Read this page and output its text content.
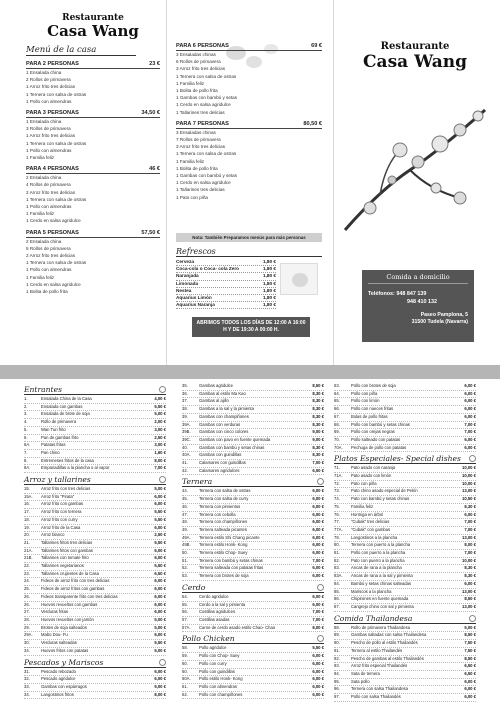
Restaurante
Casa Wang
Menú de la casa
PARA 2 PERSONAS	23 €
1 Ensalada china
2 Rollos de primavera
1 Arroz frito tres delicias
1 Ternera con salsa de ostras
1 Pollo con almendras
PARA 3 PERSONAS	34,50 €
1 Ensalada china
3 Rollos de primavera
1 Arroz frito tres delicias
1 Ternera con salsa de ostras
1 Pollo con almendras
1 Familia feliz
PARA 4 PERSONAS	46 €
2 Ensalada china
4 Rollos de primavera
2 Arroz frito tres delicias
1 Ternera con salsa de ostras
1 Pollo con almendras
1 Familia feliz
1 Cerdo en salsa agridulce
PARA 5 PERSONAS	57,50 €
2 Ensalada china
5 Rollos de primavera
2 Arroz frito tres delicias
1 Ternera con salsa de ostras
1 Pollo con almendras
1 Familia feliz
1 Cerdo en salsa agridulce
1 Bolita de pollo frita
PARA 6 PERSONAS	69 €
3 Ensaladas chinas
6 Rollos de primavera
3 Arroz frito tres delicias
1 Ternera con salsa de ostras
1 Familia feliz
1 Bolita de pollo frita
1 Gambas con bambú y setas
1 Cerdo en salsa agridulce
1 Tallarines tres delicias
PARA 7 PERSONAS	80,50 €
3 Ensaladas chinas
7 Rollos de primavera
3 Arroz frito tres delicias
1 Ternera con salsa de ostras
1 Familia feliz
1 Bolita de pollo frita
1 Gambas con bambú y setas
1 Cerdo en salsa agridulce
1 Tallarines tres delicias
1 Pato con piña
Nota: También Preparamos menús para más personas
Refrescos
Cerveza	1,80 €
Coca-cola o Coca- cola Zero	1,80 €
Naranjada	1,80 €
Limonada	1,80 €
Nestea	1,80 €
Aquarius Limón	1,80 €
Aquarius Naranja	1,80 €
ABRIMOS TODOS LOS DÍAS DE 12:00 A 16:00 H Y DE 19:30 A 00:00 H.
Restaurante
Casa Wang
Comida a domicilio
Teléfonos: 948 847 139
948 410 132
Paseo Pamplona, 5
31500 Tudela (Navarra)
Entrantes
1.	Ensalada China de la Casa	4,00 €
2.	Ensalada con gambas	5,50 €
3.	Ensalada de brote de soja	5,00 €
4.	Rollo de primavera	2,00 €
5.	Wan Tun frito	3,00 €
6.	Pan de gambas frito	2,50 €
6A.	Patatas fritas	3,00 €
7.	Pan chino	1,60 €
8.	Entremeses fritos de la casa	8,00 €
8A.	Empanadillas a la plancha o al vapor	7,00 €
Arroz y tallarines
15.	Arroz frito con tres delicias	5,00 €
15A.	Arroz frito "Pirata"	6,00 €
16.	Arroz frito con gambas	6,00 €
17.	Arroz frito con ternera	5,50 €
18.	Arroz frito con curry	5,50 €
19.	Arroz frito de la Casa	6,00 €
20.	Arroz blanco	2,50 €
21.	Tallarines fritos tres delicias	5,50 €
21A.	Tallarines fritos con gambas	6,00 €
21B.	Tallarines con tomate frito	6,00 €
22.	Tallarines vegetarianos	5,50 €
23.	Tallarines crujientes de la Casa	6,50 €
24.	Fideos de arroz frito con tres delicias	6,00 €
25.	Fideos de arroz fritos con gambas	6,00 €
26.	Fideos transparente frito con tres delicias	6,00 €
26.	Huevos revueltos con gambas	6,00 €
27.	Verduras fritas	6,00 €
28.	Huevos revueltos con jamón	5,00 €
29.	Brotes de soja salteados	5,00 €
29A.	Mabo Dou- Fu	6,00 €
30.	Verduras salteadas	5,50 €
34.	Huevos fritos con patatas	5,00 €
Pescados y Mariscos
31.	Pescado rebozado	6,00 €
32.	Pescado agridulce	6,00 €
33.	Gambas con espárragos	9,00 €
34.	Langostinos fritos	8,00 €
35.	Gambas agridulce	8,50 €
36.	Gambas al estilo Ma Kao	8,30 €
37.	Gambas al ajillo	8,30 €
38.	Gambas a la sal y la pimienta	8,30 €
39.	Gambas con champiñones	8,30 €
39A.	Gambas con verduras	8,30 €
39B.	Gambas con cinco colores	9,00 €
39C.	Gambas con pavo en fuente quemada	9,00 €
40.	Gambas con bambú y setas chinas	8,30 €
40A.	Gambas con guindillas	8,30 €
41.	Calamares con guindillas	7,00 €
42.	Calamares agridulces	6,50 €
Ternera
44.	Ternera con salsa de ostras	6,00 €
45.	Ternera con salsa de curry	6,00 €
46.	Ternera con pimientos	6,00 €
47.	Ternera con cebolla	6,00 €
48.	Ternera con champiñones	6,00 €
49.	Ternera salteada picantes	6,00 €
49A.	Ternera estilo Shi Chang picante	6,00 €
49B.	Ternera estilo Honk- Kong	6,00 €
50.	Ternera estilo Chop- Suey	6,00 €
51.	Ternera con bambú y setas chinas	7,00 €
52.	Ternera salteada con patatas fritas	6,00 €
53.	Ternera con brotes de soja	6,00 €
Cerdo
54.	Cerdo agridulce	6,00 €
55.	Cerdo a la sal y pimienta	6,00 €
56.	Costillas agridulces	7,00 €
57.	Costillas asadas	7,00 €
57A.	Carne de cerdo asado estilo Chao- Chao	8,00 €
Pollo Chicken
58.	Pollo agridulce	5,50 €
59.	Pollo con Chop- Suey	6,00 €
60.	Pollo con curry	6,00 €
60.	Pollo con guindillas	6,00 €
60A.	Pollo estilo Honk- Kong	6,00 €
61.	Pollo con almendras	6,00 €
62.	Pollo con champiñones	6,00 €
63.	Pollo con brotes de soja	6,00 €
64.	Pollo con piña	6,00 €
65.	Pollo con limón	6,00 €
66.	Pollo con nueces fritas	6,00 €
67.	Bolas de pollo fritas	6,00 €
68.	Pollo con bambú y setas chinas	7,00 €
69.	Pollo con orejas negras	7,00 €
70.	Pollo salteado con patatas	6,00 €
70A.	Pechuga de pollo con patatas	6,00 €
Platos Especiales- Special dishes
71.	Pato asado con naranja	10,00 €
71A.	Pato asado con limón	10,00 €
72.	Pato con piña	10,00 €
73.	Pato chino asado especial de Pekín	13,00 €
74.	Pato con bambú y setas chinas	10,50 €
75.	Familia feliz	8,30 €
76.	Hormiga en árbol	6,00 €
77.	"Cubak" tres delicias	7,00 €
77A.	"Cubak" con gambas	7,00 €
78.	Langostinos a la plancha	13,00 €
80.	Ternera con puerro a la plancha	8,00 €
81.	Pollo con puerro a la plancha	7,00 €
82.	Pato con puerro a la plancha	10,00 €
83.	Ancas de rana a la plancha	8,30 €
83A.	Ancas de rana a la sal y pimienta	8,30 €
84.	Bambú y setas chinas salteadas	6,00 €
85.	Mariscos a la plancha	13,00 €
86.	Chipirones en fuente quemada	8,50 €
87.	Cangrejo chino con sal y pimienta	13,00 €
Comida Thailandesa
88.	Rollo de primavera Thailandesa	5,00 €
89.	Gambas saltadas con salsa Thailandesa	8,50 €
90.	Pescho de pollo al estilo Thailandés	7,50 €
91.	Ternera al estilo Thailandés	7,50 €
92.	Pescho de gambas al estilo Thailandés	8,50 €
93.	Arroz frito especial Thailandés	6,50 €
94.	Sata de ternera	6,50 €
95.	Sata pollo	6,00 €
96.	Ternera con salsa Thailandesa	6,00 €
97.	Pollo con salsa Thailandés	6,00 €
